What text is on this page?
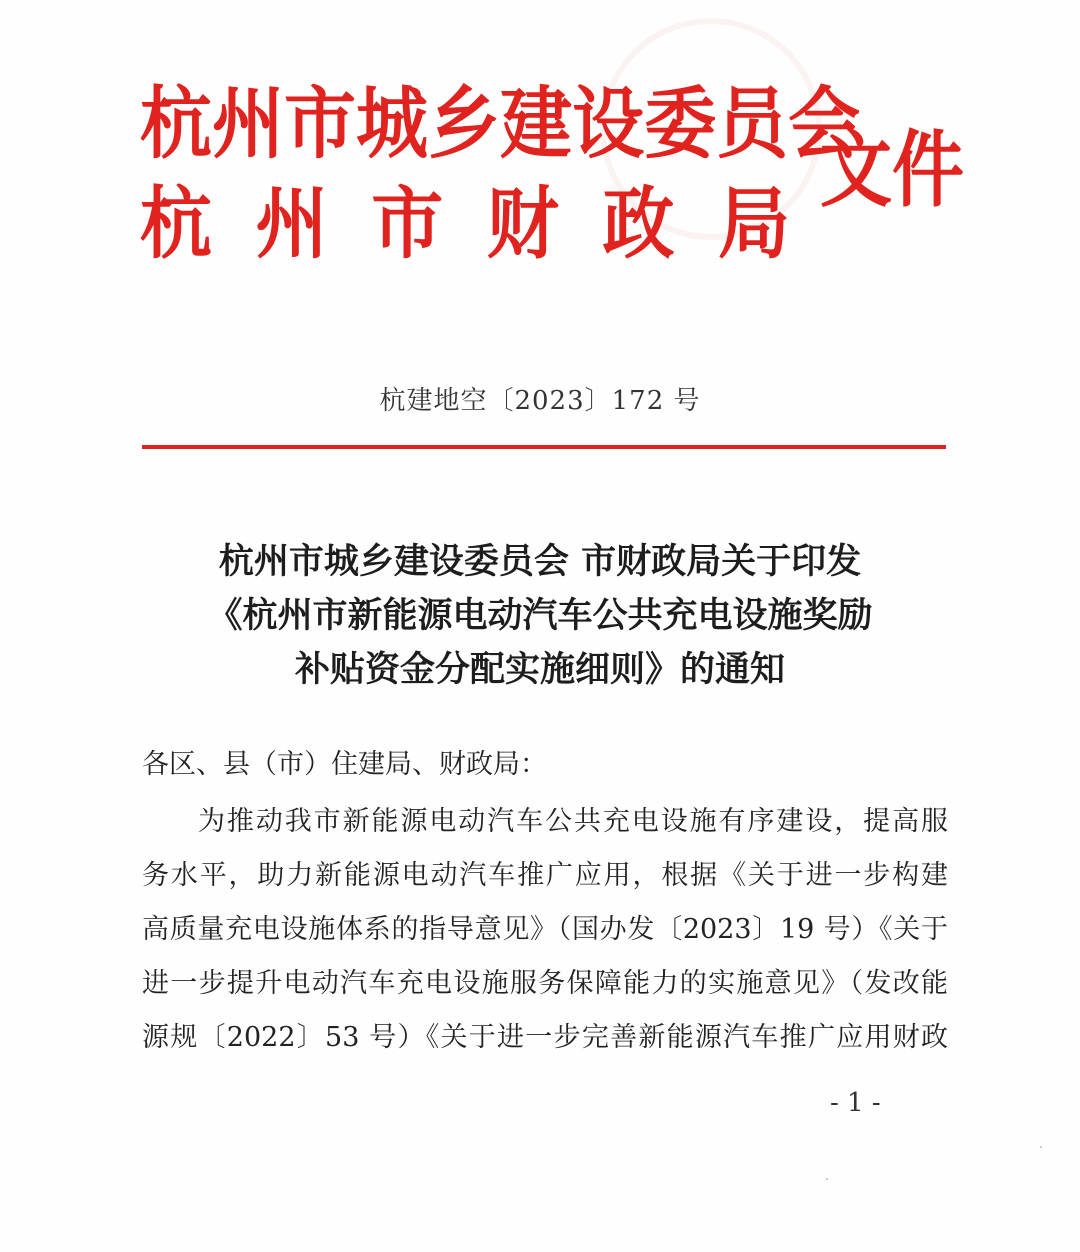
杭 州 市 城 乡 建 设 委 员 会
杭 州 市 财 政 局
文件
杭建地空〔2023〕172 号
杭州市城乡建设委员会 市财政局关于印发
《杭州市新能源电动汽车公共充电设施奖励
补贴资金分配实施细则》的通知
各区、县（市）住建局、财政局：
为推动我市新能源电动汽车公共充电设施有序建设，提高服
务水平，助力新能源电动汽车推广应用，根据《关于进一步构建
高质量充电设施体系的指导意见》（国办发〔2023〕19 号）《关于
进一步提升电动汽车充电设施服务保障能力的实施意见》（发改能
源规〔2022〕53 号）《关于进一步完善新能源汽车推广应用财政
- 1 -
